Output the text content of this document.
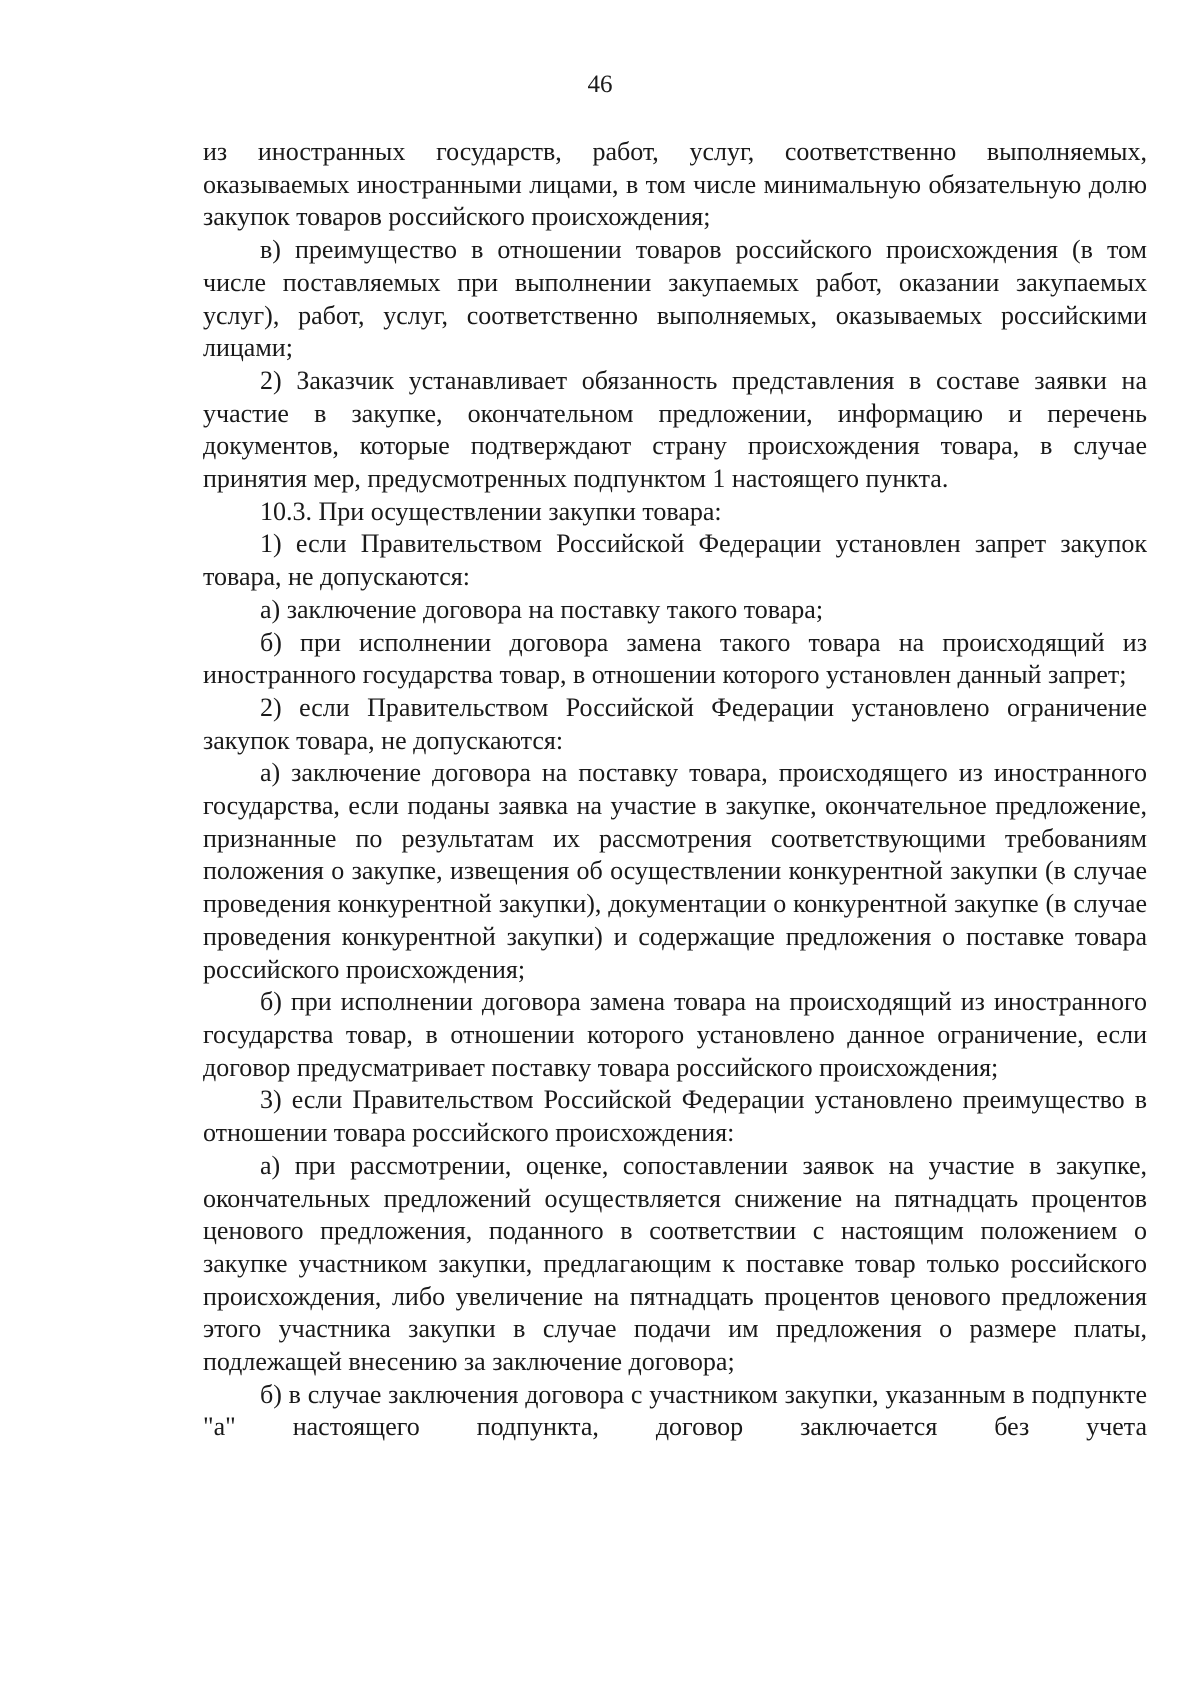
46

из иностранных государств, работ, услуг, соответственно выполняемых, оказываемых иностранными лицами, в том числе минимальную обязательную долю закупок товаров российского происхождения;

в) преимущество в отношении товаров российского происхождения (в том числе поставляемых при выполнении закупаемых работ, оказании закупаемых услуг), работ, услуг, соответственно выполняемых, оказываемых российскими лицами;

2) Заказчик устанавливает обязанность представления в составе заявки на участие в закупке, окончательном предложении, информацию и перечень документов, которые подтверждают страну происхождения товара, в случае принятия мер, предусмотренных подпунктом 1 настоящего пункта.

10.3. При осуществлении закупки товара:

1) если Правительством Российской Федерации установлен запрет закупок товара, не допускаются:

а) заключение договора на поставку такого товара;

б) при исполнении договора замена такого товара на происходящий из иностранного государства товар, в отношении которого установлен данный запрет;

2) если Правительством Российской Федерации установлено ограничение закупок товара, не допускаются:

а) заключение договора на поставку товара, происходящего из иностранного государства, если поданы заявка на участие в закупке, окончательное предложение, признанные по результатам их рассмотрения соответствующими требованиям положения о закупке, извещения об осуществлении конкурентной закупки (в случае проведения конкурентной закупки), документации о конкурентной закупке (в случае проведения конкурентной закупки) и содержащие предложения о поставке товара российского происхождения;

б) при исполнении договора замена товара на происходящий из иностранного государства товар, в отношении которого установлено данное ограничение, если договор предусматривает поставку товара российского происхождения;

3) если Правительством Российской Федерации установлено преимущество в отношении товара российского происхождения:

а) при рассмотрении, оценке, сопоставлении заявок на участие в закупке, окончательных предложений осуществляется снижение на пятнадцать процентов ценового предложения, поданного в соответствии с настоящим положением о закупке участником закупки, предлагающим к поставке товар только российского происхождения, либо увеличение на пятнадцать процентов ценового предложения этого участника закупки в случае подачи им предложения о размере платы, подлежащей внесению за заключение договора;

б) в случае заключения договора с участником закупки, указанным в подпункте "а" настоящего подпункта, договор заключается без учета
